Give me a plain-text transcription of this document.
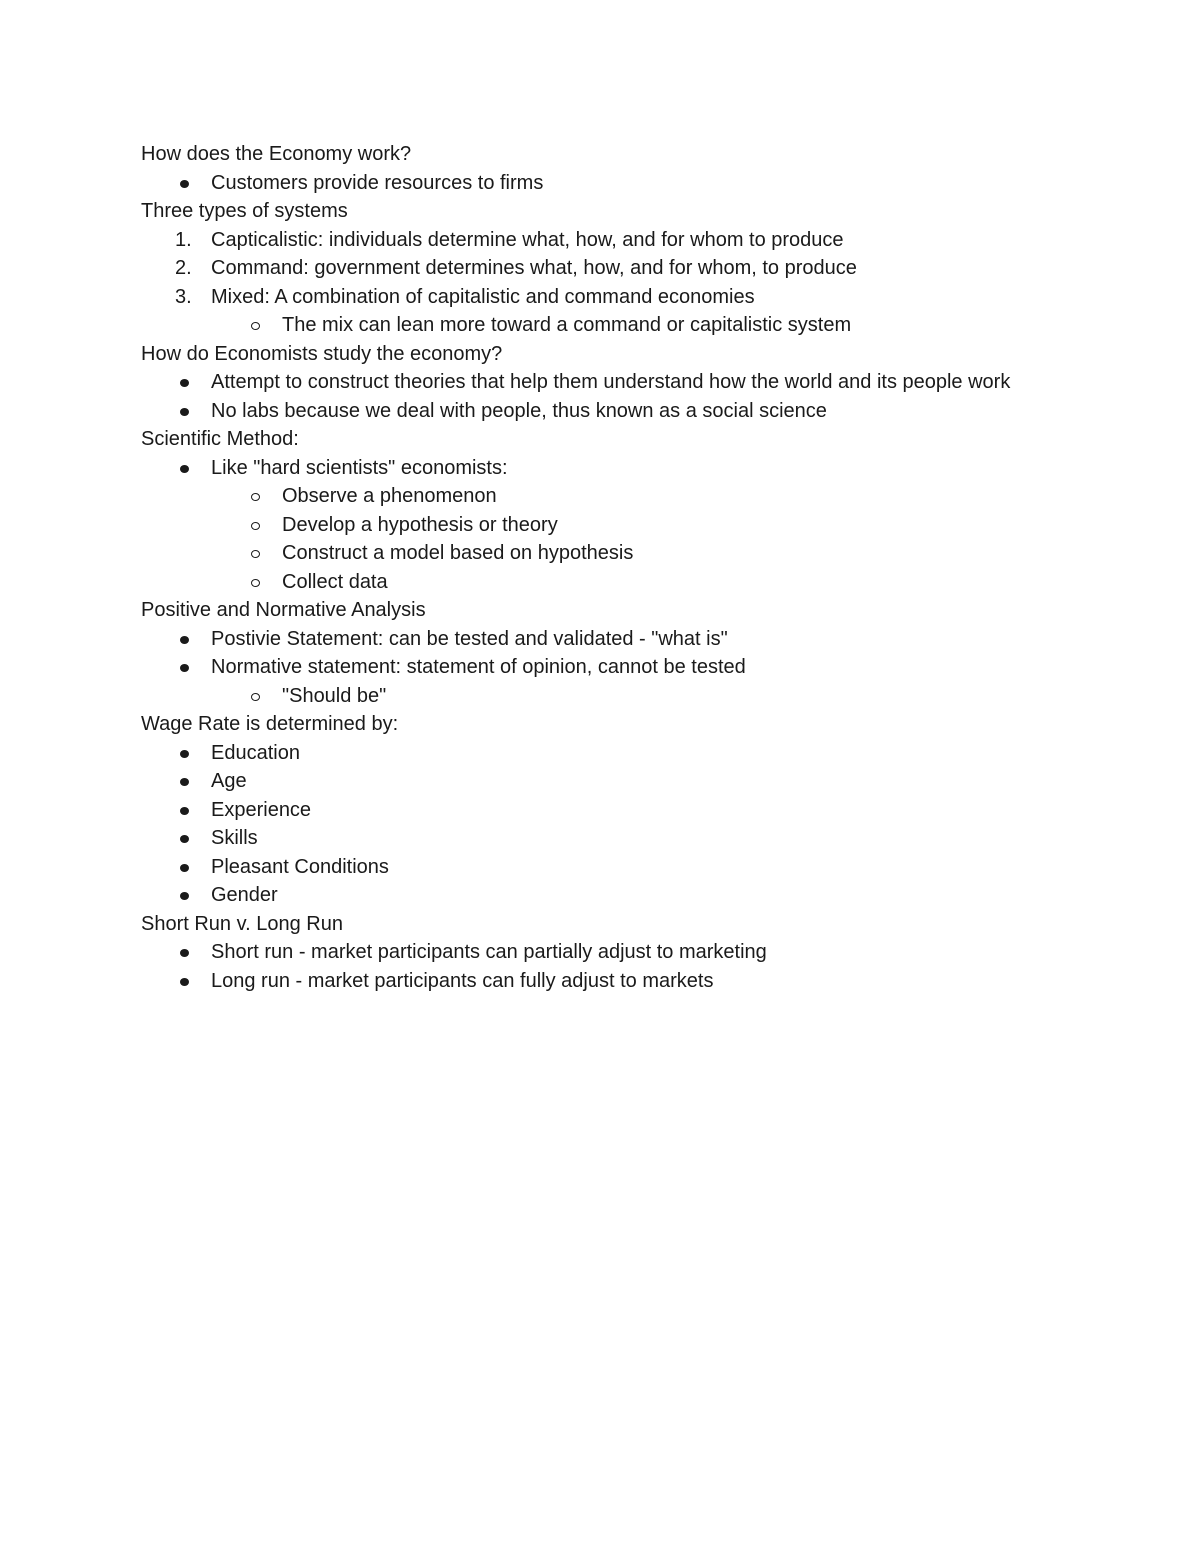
How does the Economy work?
Customers provide resources to firms
Three types of systems
1. Capticalistic: individuals determine what, how, and for whom to produce
2. Command: government determines what, how, and for whom, to produce
3. Mixed: A combination of capitalistic and command economies
The mix can lean more toward a command or capitalistic system
How do Economists study the economy?
Attempt to construct theories that help them understand how the world and its people work
No labs because we deal with people, thus known as a social science
Scientific Method:
Like "hard scientists" economists:
Observe a phenomenon
Develop a hypothesis or theory
Construct a model based on hypothesis
Collect data
Positive and Normative Analysis
Postivie Statement: can be tested and validated - "what is"
Normative statement: statement of opinion, cannot be tested
"Should be"
Wage Rate is determined by:
Education
Age
Experience
Skills
Pleasant Conditions
Gender
Short Run v. Long Run
Short run - market participants can partially adjust to marketing
Long run - market participants can fully adjust to markets
